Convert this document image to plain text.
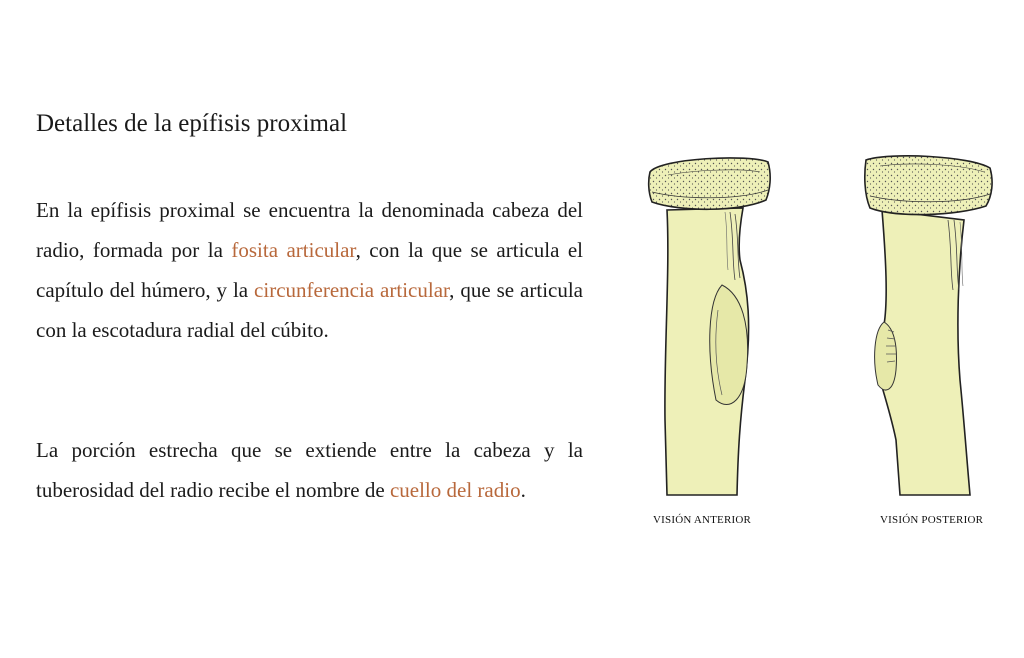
Detalles de la epífisis proximal

En la epífisis proximal se encuentra la denominada cabeza del radio, formada por la fosita articular, con la que se articula el capítulo del húmero, y la circunferencia articular, que se articula con la escotadura radial del cúbito.

La porción estrecha que se extiende entre la cabeza y la tuberosidad del radio recibe el nombre de cuello del radio.

VISIÓN ANTERIOR	VISIÓN POSTERIOR
